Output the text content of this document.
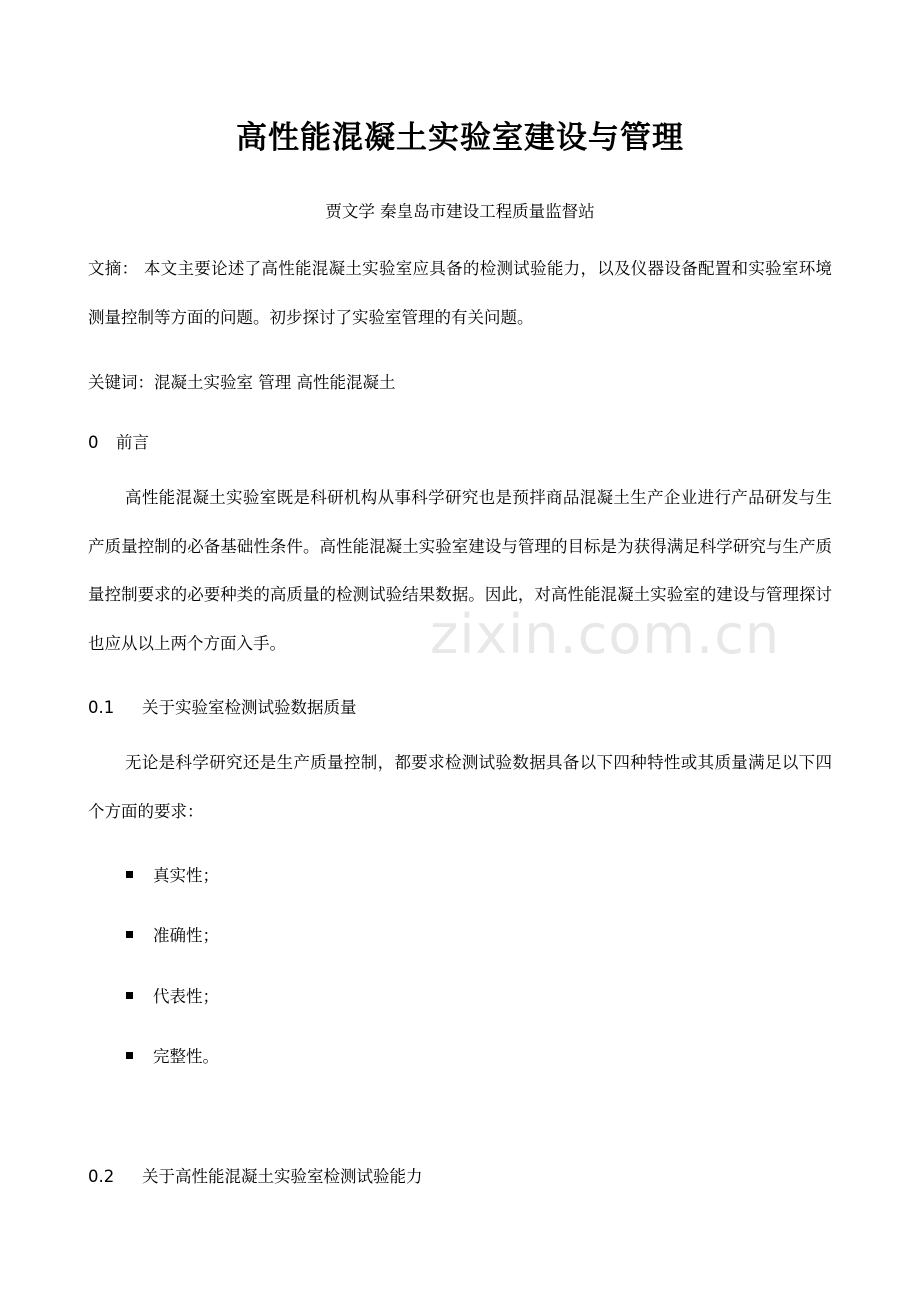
zixin.com.cn
高性能混凝土实验室建设与管理
贾文学 秦皇岛市建设工程质量监督站
文摘： 本文主要论述了高性能混凝土实验室应具备的检测试验能力，以及仪器设备配置和实验室环境测量控制等方面的问题。初步探讨了实验室管理的有关问题。
关键词：混凝土实验室 管理 高性能混凝土
0 前言
高性能混凝土实验室既是科研机构从事科学研究也是预拌商品混凝土生产企业进行产品研发与生产质量控制的必备基础性条件。高性能混凝土实验室建设与管理的目标是为获得满足科学研究与生产质量控制要求的必要种类的高质量的检测试验结果数据。因此，对高性能混凝土实验室的建设与管理探讨也应从以上两个方面入手。
0.1 关于实验室检测试验数据质量
无论是科学研究还是生产质量控制，都要求检测试验数据具备以下四种特性或其质量满足以下四个方面的要求：
真实性；
准确性；
代表性；
完整性。
0.2 关于高性能混凝土实验室检测试验能力
